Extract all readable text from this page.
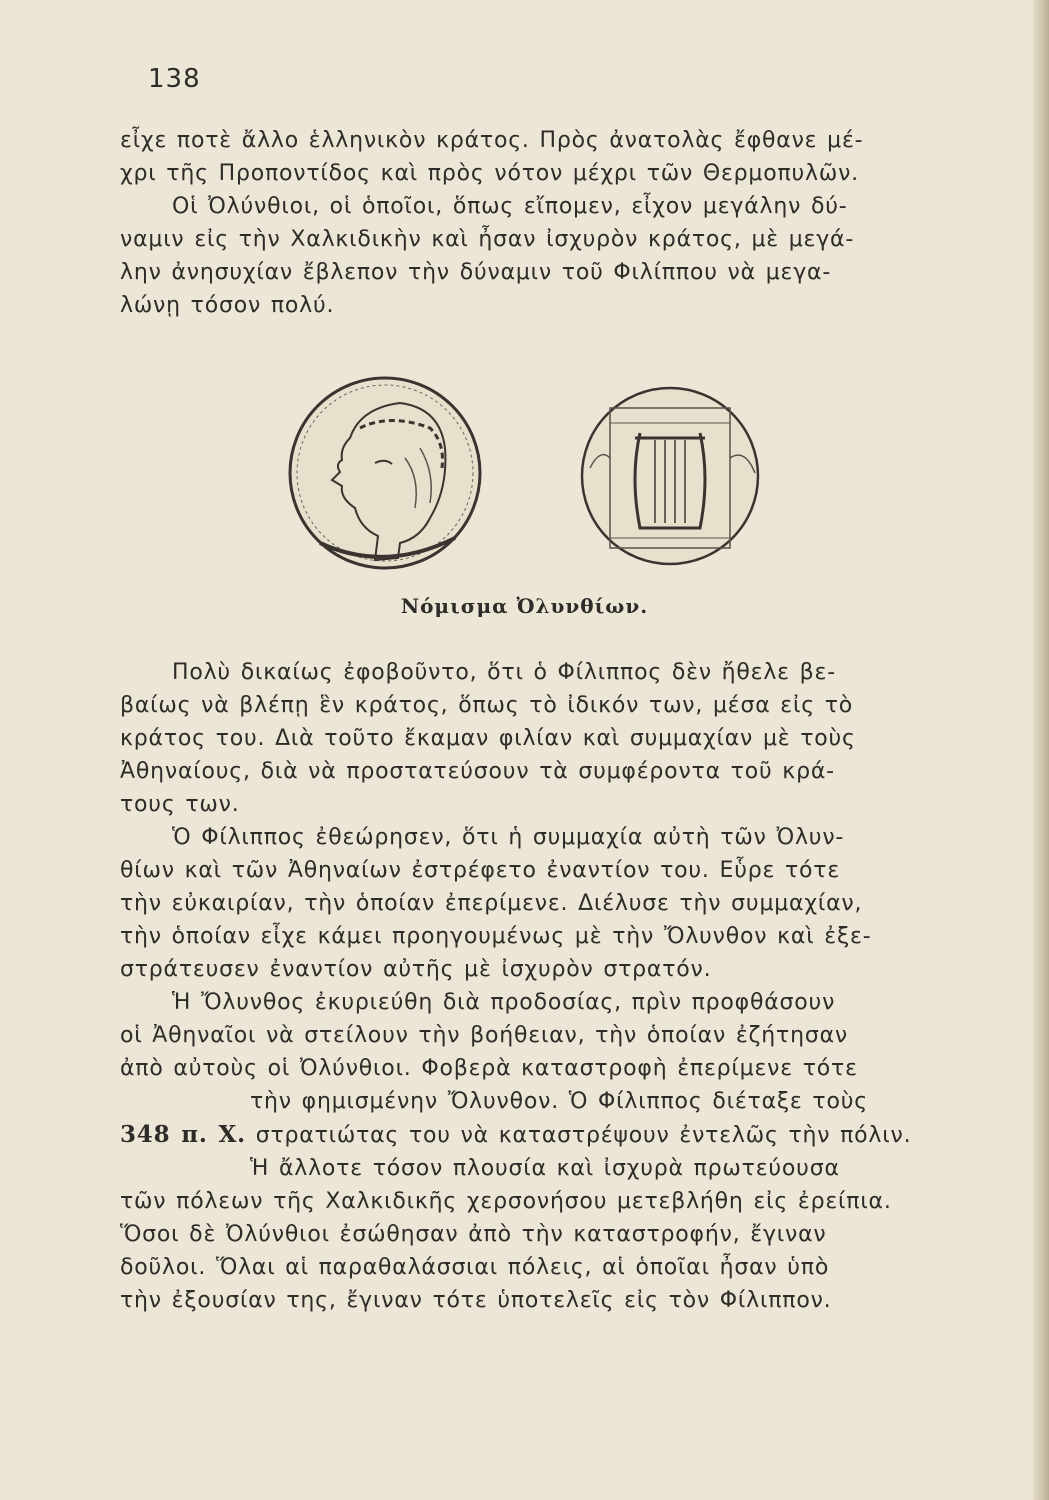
138
εἶχε ποτὲ ἄλλο ἑλληνικὸν κράτος. Πρὸς ἀνατολὰς ἔφθανε μέ-
χρι τῆς Προποντίδος καὶ πρὸς νότον μέχρι τῶν Θερμοπυλῶν.
Οἱ Ὀλύνθιοι, οἱ ὁποῖοι, ὅπως εἴπομεν, εἶχον μεγάλην δύ-
ναμιν εἰς τὴν Χαλκιδικὴν καὶ ἦσαν ἰσχυρὸν κράτος, μὲ μεγά-
λην ἀνησυχίαν ἔβλεπον τὴν δύναμιν τοῦ Φιλίππου νὰ μεγα-
λώνῃ τόσον πολύ.
Νόμισμα Ὀλυνθίων.
Πολὺ δικαίως ἐφοβοῦντο, ὅτι ὁ Φίλιππος δὲν ἤθελε βε-
βαίως νὰ βλέπῃ ἓν κράτος, ὅπως τὸ ἰδικόν των, μέσα εἰς τὸ
κράτος του. Διὰ τοῦτο ἔκαμαν φιλίαν καὶ συμμαχίαν μὲ τοὺς
Ἀθηναίους, διὰ νὰ προστατεύσουν τὰ συμφέροντα τοῦ κρά-
τους των.
Ὁ Φίλιππος ἐθεώρησεν, ὅτι ἡ συμμαχία αὐτὴ τῶν Ὀλυν-
θίων καὶ τῶν Ἀθηναίων ἐστρέφετο ἐναντίον του. Εὗρε τότε
τὴν εὐκαιρίαν, τὴν ὁποίαν ἐπερίμενε. Διέλυσε τὴν συμμαχίαν,
τὴν ὁποίαν εἶχε κάμει προηγουμένως μὲ τὴν Ὄλυνθον καὶ ἐξε-
στράτευσεν ἐναντίον αὐτῆς μὲ ἰσχυρὸν στρατόν.
Ἡ Ὄλυνθος ἐκυριεύθη διὰ προδοσίας, πρὶν προφθάσουν
οἱ Ἀθηναῖοι νὰ στείλουν τὴν βοήθειαν, τὴν ὁποίαν ἐζήτησαν
ἀπὸ αὐτοὺς οἱ Ὀλύνθιοι. Φοβερὰ καταστροφὴ ἐπερίμενε τότε
τὴν φημισμένην Ὄλυνθον. Ὁ Φίλιππος διέταξε τοὺς
348 π. Χ. στρατιώτας του νὰ καταστρέψουν ἐντελῶς τὴν πόλιν.
Ἡ ἄλλοτε τόσον πλουσία καὶ ἰσχυρὰ πρωτεύουσα
τῶν πόλεων τῆς Χαλκιδικῆς χερσονήσου μετεβλήθη εἰς ἐρείπια.
Ὅσοι δὲ Ὀλύνθιοι ἐσώθησαν ἀπὸ τὴν καταστροφήν, ἔγιναν
δοῦλοι. Ὅλαι αἱ παραθαλάσσιαι πόλεις, αἱ ὁποῖαι ἦσαν ὑπὸ
τὴν ἐξουσίαν της, ἔγιναν τότε ὑποτελεῖς εἰς τὸν Φίλιππον.
